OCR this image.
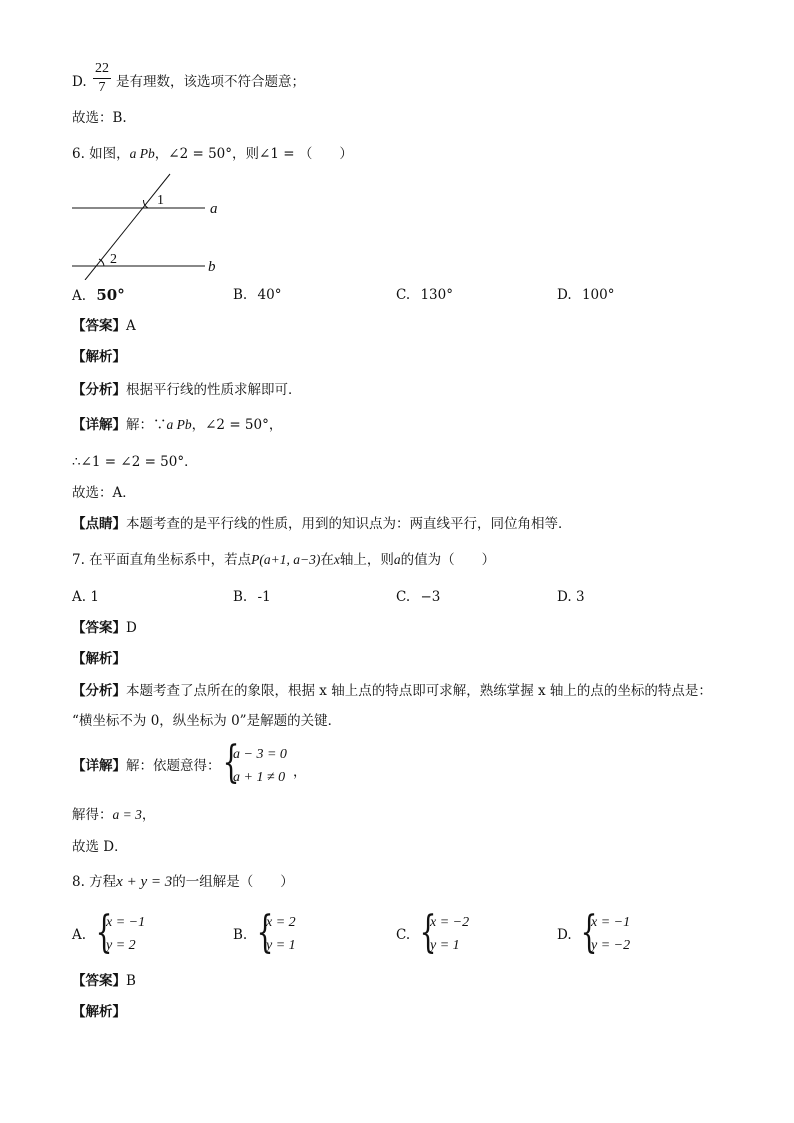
D.
22
7 是有理数，该选项不符合题意；
故选：B.
6. 如图，a Pb，∠2 = 50°，则∠1 = （　　）
1
2
a
b
A. 50°	B. 40°	C. 130°	D. 100°
【答案】A
【解析】
【分析】根据平行线的性质求解即可．
【详解】解：∵a Pb，∠2 = 50°，
∴∠1 = ∠2 = 50°．
故选：A．
【点睛】本题考查的是平行线的性质，用到的知识点为：两直线平行，同位角相等．
7. 在平面直角坐标系中，若点P(a+1, a−3)在x轴上，则a的值为（　　）
A. 1	B. -1	C. −3	D. 3
【答案】D
【解析】
【分析】本题考查了点所在的象限，根据 x 轴上点的特点即可求解，熟练掌握 x 轴上的点的坐标的特点是：
“横坐标不为 0，纵坐标为 0”是解题的关键．
【详解】解：依题意得： {
a − 3 = 0
a + 1 ≠ 0 ，
解得：a = 3，
故选 D．
8. 方程x + y = 3的一组解是（　　）
A. {
x = −1
y = 2
B. {
x = 2
y = 1
C. {
x = −2
y = 1
D. {
x = −1
y = −2
【答案】B
【解析】
